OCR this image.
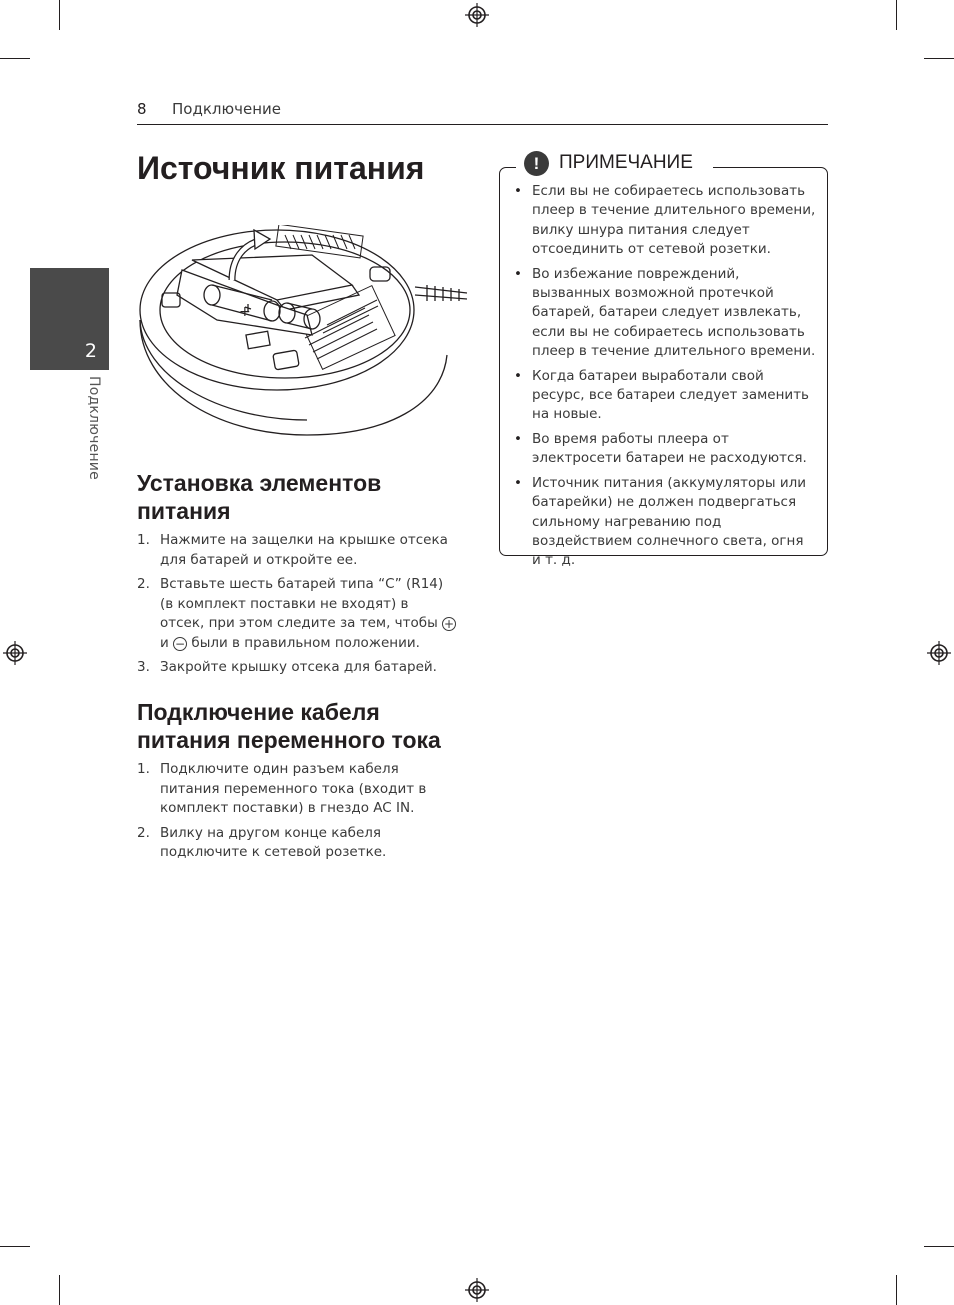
8 Подключение
2
Подключение
Источник питания
+
Установка элементов питания
1. Нажмите на защелки на крышке отсека для батарей и откройте ее.
2. Вставьте шесть батарей типа “C” (R14)
(в комплект поставки не входят) в отсек, при этом следите за тем, чтобы + и − были в правильном положении.
3. Закройте крышку отсека для батарей.
Подключение кабеля питания переменного тока
1. Подключите один разъем кабеля питания переменного тока (входит в комплект поставки) в гнездо AC IN.
2. Вилку на другом конце кабеля подключите к сетевой розетке.
!	ПРИМЕЧАНИЕ
• Если вы не собираетесь использовать плеер в течение длительного времени, вилку шнура питания следует отсоединить от сетевой розетки.
• Во избежание повреждений, вызванных возможной протечкой батарей, батареи следует извлекать, если вы не собираетесь использовать плеер в течение длительного времени.
• Когда батареи выработали свой ресурс, все батареи следует заменить на новые.
• Во время работы плеера от электросети батареи не расходуются.
• Источник питания (аккумуляторы или батарейки) не должен подвергаться сильному нагреванию под воздействием солнечного света, огня и т. д.
